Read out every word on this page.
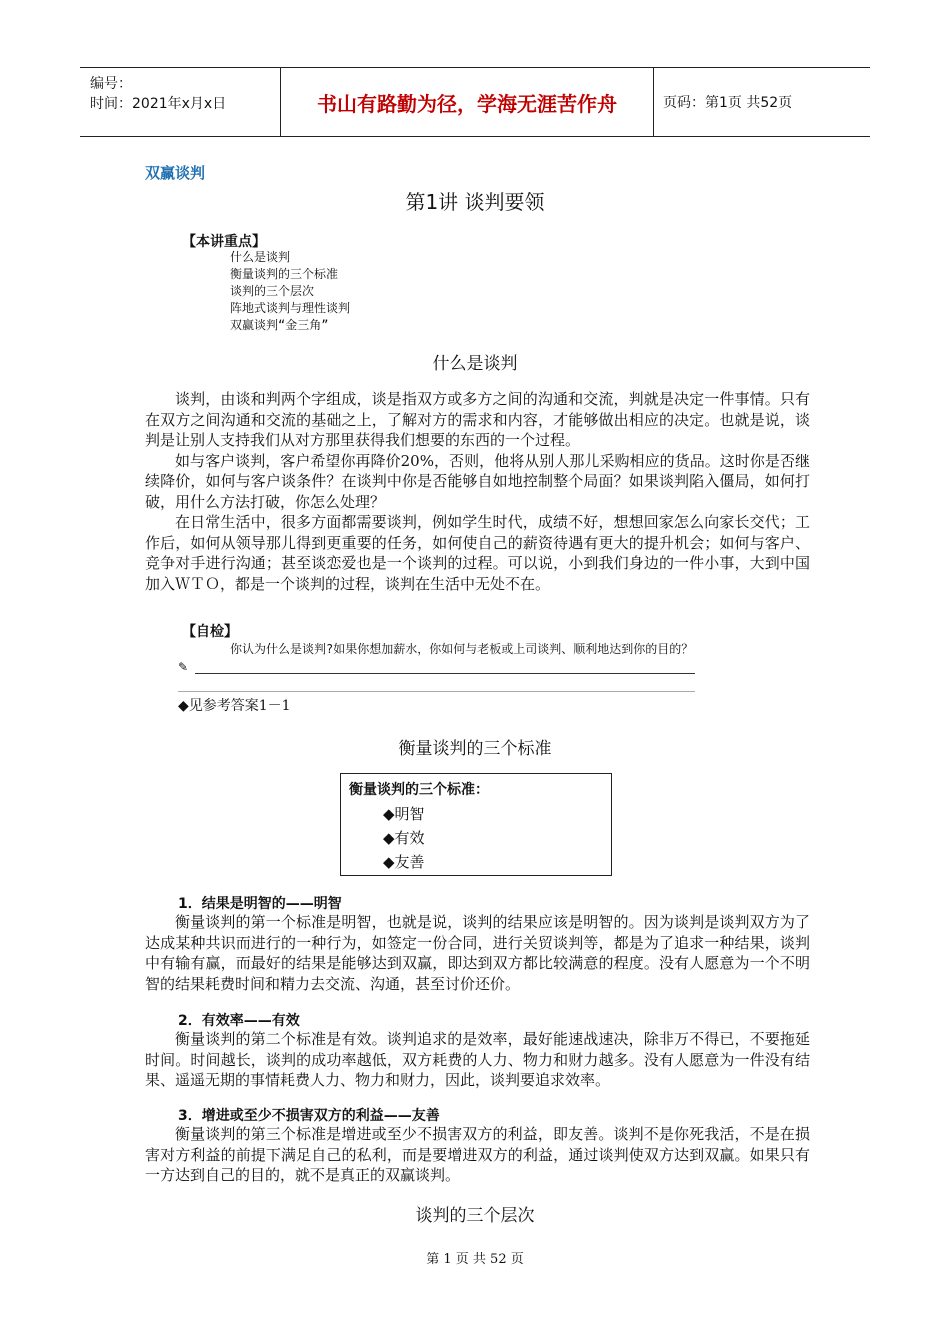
编号：
时间：2021年x月x日	书山有路勤为径，学海无涯苦作舟	页码：第1页 共52页
双赢谈判
第1讲 谈判要领
【本讲重点】
什么是谈判
衡量谈判的三个标准
谈判的三个层次
阵地式谈判与理性谈判
双赢谈判“金三角”
什么是谈判

谈判，由谈和判两个字组成，谈是指双方或多方之间的沟通和交流，判就是决定一件事情。只有在双方之间沟通和交流的基础之上，了解对方的需求和内容，才能够做出相应的决定。也就是说，谈判是让别人支持我们从对方那里获得我们想要的东西的一个过程。

如与客户谈判，客户希望你再降价20%，否则，他将从别人那儿采购相应的货品。这时你是否继续降价，如何与客户谈条件？在谈判中你是否能够自如地控制整个局面？如果谈判陷入僵局，如何打破，用什么方法打破，你怎么处理？

在日常生活中，很多方面都需要谈判，例如学生时代，成绩不好，想想回家怎么向家长交代；工作后，如何从领导那儿得到更重要的任务，如何使自己的薪资待遇有更大的提升机会；如何与客户、竞争对手进行沟通；甚至谈恋爱也是一个谈判的过程。可以说，小到我们身边的一件小事，大到中国加入ＷＴＯ，都是一个谈判的过程，谈判在生活中无处不在。

【自检】
你认为什么是谈判?如果你想加薪水，你如何与老板或上司谈判、顺利地达到你的目的？
✎
◆见参考答案1－1
衡量谈判的三个标准
衡量谈判的三个标准：
◆明智
◆有效
◆友善
1．结果是明智的——明智

衡量谈判的第一个标准是明智，也就是说，谈判的结果应该是明智的。因为谈判是谈判双方为了达成某种共识而进行的一种行为，如签定一份合同，进行关贸谈判等，都是为了追求一种结果，谈判中有输有赢，而最好的结果是能够达到双赢，即达到双方都比较满意的程度。没有人愿意为一个不明智的结果耗费时间和精力去交流、沟通，甚至讨价还价。

2．有效率——有效

衡量谈判的第二个标准是有效。谈判追求的是效率，最好能速战速决，除非万不得已，不要拖延时间。时间越长，谈判的成功率越低，双方耗费的人力、物力和财力越多。没有人愿意为一件没有结果、遥遥无期的事情耗费人力、物力和财力，因此，谈判要追求效率。

3．增进或至少不损害双方的利益——友善

衡量谈判的第三个标准是增进或至少不损害双方的利益，即友善。谈判不是你死我活，不是在损害对方利益的前提下满足自己的私利，而是要增进双方的利益，通过谈判使双方达到双赢。如果只有一方达到自己的目的，就不是真正的双赢谈判。

谈判的三个层次
第 1 页 共 52 页
